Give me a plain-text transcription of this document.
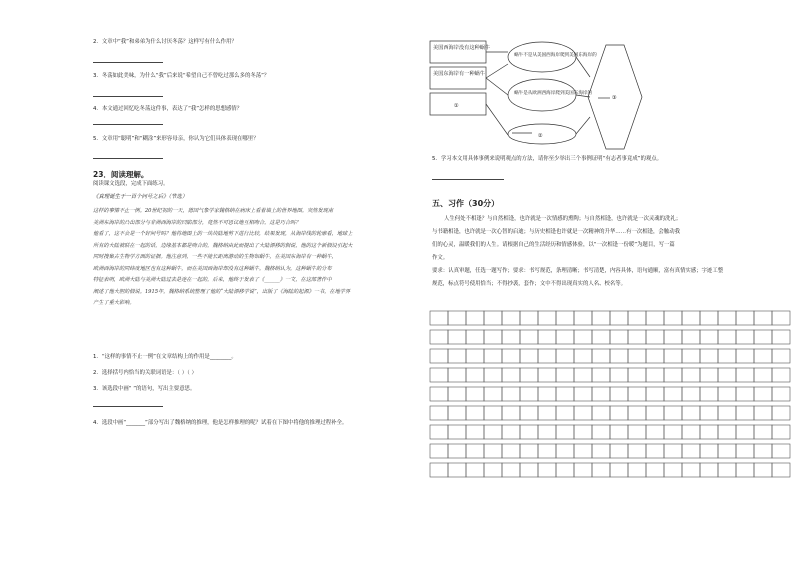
2．文章中“我”和弟弟为什么讨厌冬荡？这样写有什么作用？
3．冬荡如此美味，为什么“我”后来说“希望自己不曾吃过那么多的冬荡”？
4．本文通过回忆吃冬荡这件事，表达了“我”怎样的思想感情？
5．文章用“聪明”和“糊涂”来形容母亲，你认为它们具体表现在哪里？
23．阅读理解。
阅读课文选段，完成下面练习。
《真理诞生于一百个问号之后》（节选）
这样的事情不止一例。20世纪初的一天，德国气象学家魏格纳在病床上看着墙上的世界地图。突然发现南
美洲东海岸的凸出部分与非洲西海岸的凹陷部分，竟然不可思议地互相吻合。这是巧合吗？
他看了，这不会是一个好问号吗？他将地图上的一块块陆地剪下进行比较，结果发现，从海岸线的轮廓看，地球上
所有的大陆被联在一起的话，边缘基本都是吻合的。魏格纳由此而提出了大陆漂移的假说，他的这个新假设引起大
同时搜集古生物学方面的证据。他注意到，一些不能长距离游动的生物如蜗牛，在美国东海岸有一种蜗牛，
欧洲西海岸的同纬度地区也有这种蜗牛，而在美国西海岸却没有这种蜗牛。魏格纳认为，这种蜗牛的分布
特征表明，欧洲大陆与美洲大陆过去是连在一起的。后来，他终于发表了《______》一文，在这部著作中
阐述了他大胆的假说。1915年，魏格纳系统整理了他的“大陆漂移学说”，出版了《海陆的起源》一书，在地学界
产生了重大影响。
1．“这样的事情不止一例”在文章结构上的作用是________。
2．选择括号内恰当的关联词语是：（ ）（ ）
3．该选段中画“ ”的语句，写出主要意思。
4．选段中画“_______”部分写出了魏格纳的推理，他是怎样推理的呢？试着在下图中将他的推理过程补全。
美国西海岸没有这种蜗牛
美国东海岸有一种蜗牛
①
蜗牛不是从美国西海岸爬到美国东海岸的
蜗牛是从欧洲西海岸爬到美国东海岸的
②
③
5．学习本文用具体事例来说明观点的方法，请你至少举出三个事例证明“有志者事竟成”的观点。
五、习作（30分）
人生何处不相逢？与自然相逢，也许就是一次情感的熏陶；与自然相逢，也许就是一次灵魂的洗礼；
与书籍相逢，也许就是一次心智的启迪；与历史相逢也许就是一次精神的升华……有一次相逢，会触动我
们的心灵，温暖我们的人生。请根据自己的生活经历和情感体验，以“一次相逢一份暖”为题目，写一篇
作文。
要求：认真审题，任选一题写作；要求：书写规范，条理清晰；书写清楚，内容具体，语句通顺，富有真情实感；字迹工整
规范，标点符号使用恰当；不得抄袭，套作；文中不得出现真实的人名、校名等。
